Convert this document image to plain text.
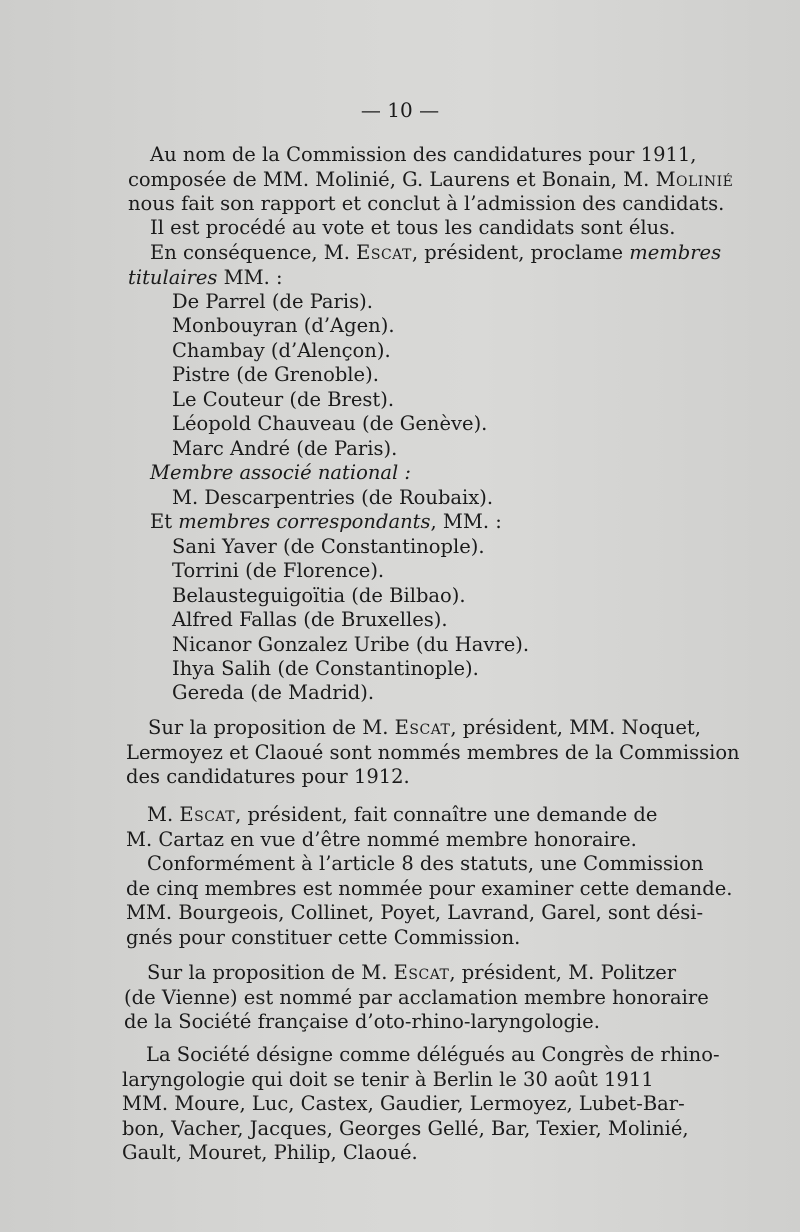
— 10 —
Au nom de la Commission des candidatures pour 1911,
composée de MM. Molinié, G. Laurens et Bonain, M. Molinié
nous fait son rapport et conclut à l’admission des candidats.
Il est procédé au vote et tous les candidats sont élus.
En conséquence, M. Escat, président, proclame membres
titulaires MM. :
De Parrel (de Paris).
Monbouyran (d’Agen).
Chambay (d’Alençon).
Pistre (de Grenoble).
Le Couteur (de Brest).
Léopold Chauveau (de Genève).
Marc André (de Paris).
Membre associé national :
M. Descarpentries (de Roubaix).
Et membres correspondants, MM. :
Sani Yaver (de Constantinople).
Torrini (de Florence).
Belausteguigoïtia (de Bilbao).
Alfred Fallas (de Bruxelles).
Nicanor Gonzalez Uribe (du Havre).
Ihya Salih (de Constantinople).
Gereda (de Madrid).
Sur la proposition de M. Escat, président, MM. Noquet,
Lermoyez et Claoué sont nommés membres de la Commission
des candidatures pour 1912.
M. Escat, président, fait connaître une demande de
M. Cartaz en vue d’être nommé membre honoraire.
Conformément à l’article 8 des statuts, une Commission
de cinq membres est nommée pour examiner cette demande.
MM. Bourgeois, Collinet, Poyet, Lavrand, Garel, sont dési-
gnés pour constituer cette Commission.
Sur la proposition de M. Escat, président, M. Politzer
(de Vienne) est nommé par acclamation membre honoraire
de la Société française d’oto-rhino-laryngologie.
La Société désigne comme délégués au Congrès de rhino-
laryngologie qui doit se tenir à Berlin le 30 août 1911
MM. Moure, Luc, Castex, Gaudier, Lermoyez, Lubet-Bar-
bon, Vacher, Jacques, Georges Gellé, Bar, Texier, Molinié,
Gault, Mouret, Philip, Claoué.
